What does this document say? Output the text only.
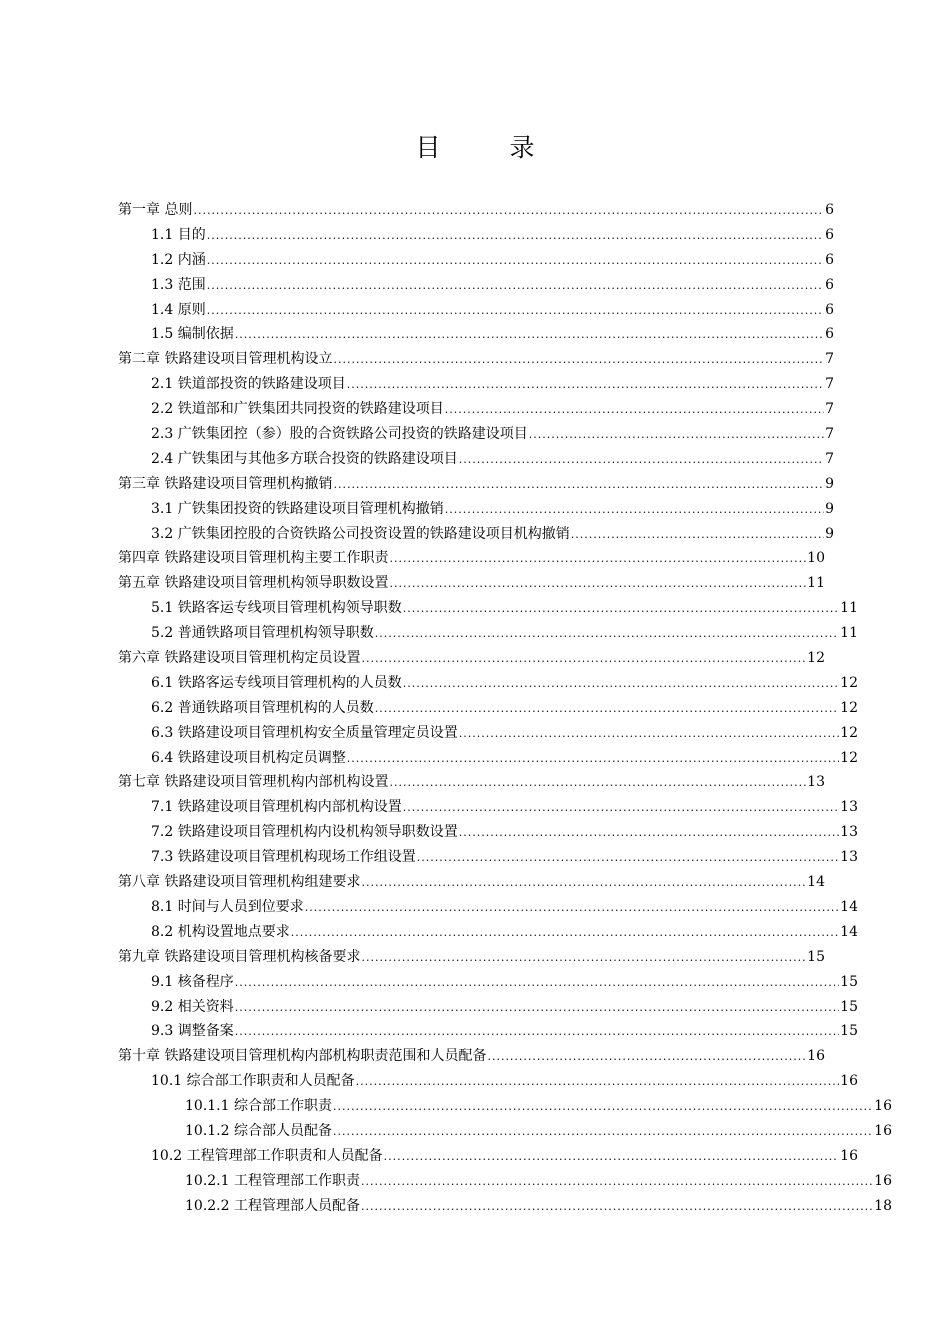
目　录
第一章 总则 .....	6
1.1 目的 .....	6
1.2 内涵 .....	6
1.3 范围 .....	6
1.4 原则 .....	6
1.5 编制依据 .....	6
第二章 铁路建设项目管理机构设立 .....	7
2.1 铁道部投资的铁路建设项目 .....	7
2.2 铁道部和广铁集团共同投资的铁路建设项目 .....	7
2.3 广铁集团控（参）股的合资铁路公司投资的铁路建设项目 .....	7
2.4 广铁集团与其他多方联合投资的铁路建设项目 .....	7
第三章 铁路建设项目管理机构撤销 .....	9
3.1 广铁集团投资的铁路建设项目管理机构撤销 .....	9
3.2 广铁集团控股的合资铁路公司投资设置的铁路建设项目机构撤销 .....	9
第四章 铁路建设项目管理机构主要工作职责 .....	10
第五章 铁路建设项目管理机构领导职数设置 .....	11
5.1 铁路客运专线项目管理机构领导职数 .....	11
5.2 普通铁路项目管理机构领导职数 .....	11
第六章 铁路建设项目管理机构定员设置 .....	12
6.1 铁路客运专线项目管理机构的人员数 .....	12
6.2 普通铁路项目管理机构的人员数 .....	12
6.3 铁路建设项目管理机构安全质量管理定员设置 .....	12
6.4 铁路建设项目机构定员调整 .....	12
第七章 铁路建设项目管理机构内部机构设置 .....	13
7.1 铁路建设项目管理机构内部机构设置 .....	13
7.2 铁路建设项目管理机构内设机构领导职数设置 .....	13
7.3 铁路建设项目管理机构现场工作组设置 .....	13
第八章 铁路建设项目管理机构组建要求 .....	14
8.1 时间与人员到位要求 .....	14
8.2 机构设置地点要求 .....	14
第九章 铁路建设项目管理机构核备要求 .....	15
9.1 核备程序 .....	15
9.2 相关资料 .....	15
9.3 调整备案 .....	15
第十章 铁路建设项目管理机构内部机构职责范围和人员配备 .....	16
10.1 综合部工作职责和人员配备 .....	16
10.1.1 综合部工作职责 .....	16
10.1.2 综合部人员配备 .....	16
10.2 工程管理部工作职责和人员配备 .....	16
10.2.1 工程管理部工作职责 .....	16
10.2.2 工程管理部人员配备 .....	18
